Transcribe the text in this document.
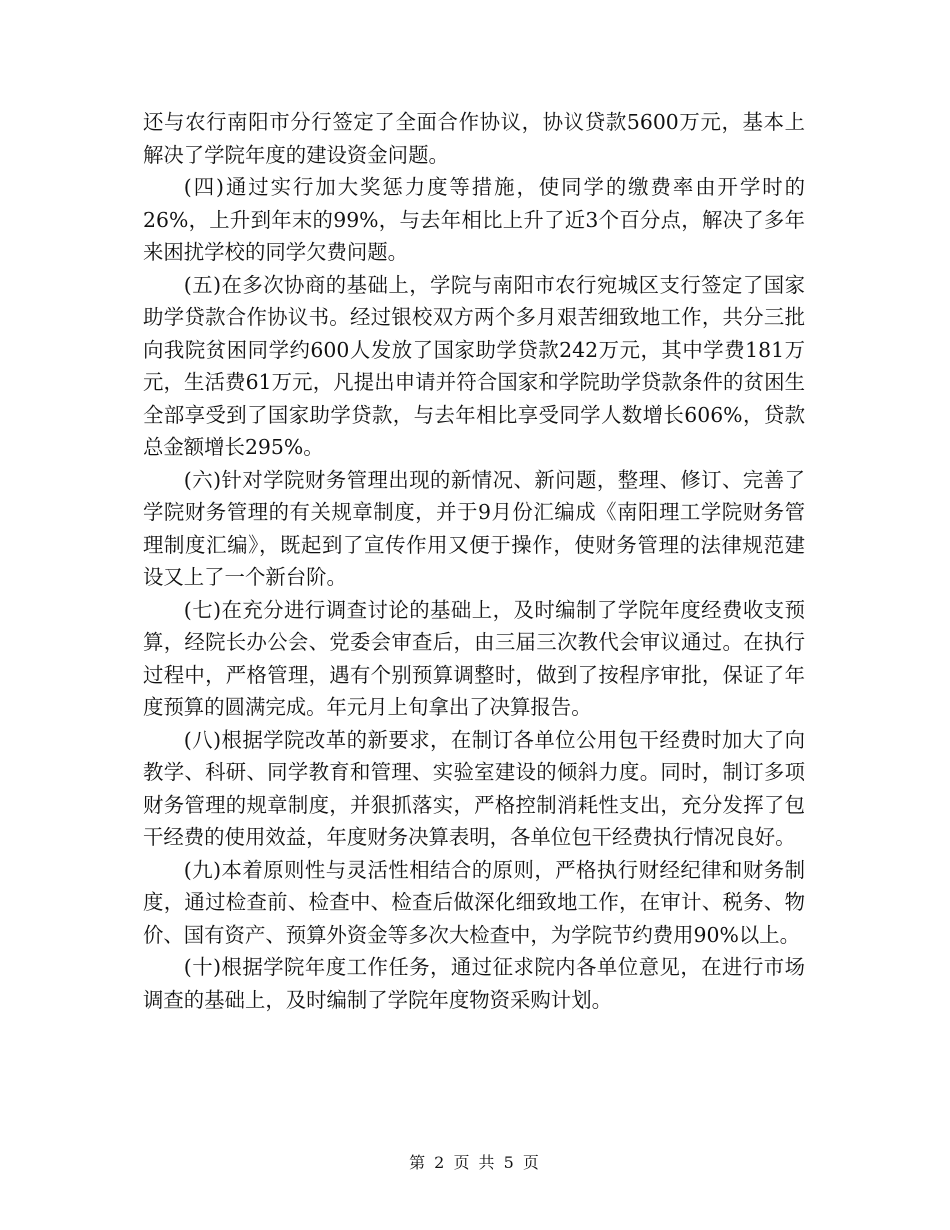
还与农行南阳市分行签定了全面合作协议，协议贷款5600万元，基本上解决了学院年度的建设资金问题。

(四)通过实行加大奖惩力度等措施，使同学的缴费率由开学时的26%，上升到年末的99%，与去年相比上升了近3个百分点，解决了多年来困扰学校的同学欠费问题。

(五)在多次协商的基础上，学院与南阳市农行宛城区支行签定了国家助学贷款合作协议书。经过银校双方两个多月艰苦细致地工作，共分三批向我院贫困同学约600人发放了国家助学贷款242万元，其中学费181万元，生活费61万元，凡提出申请并符合国家和学院助学贷款条件的贫困生全部享受到了国家助学贷款，与去年相比享受同学人数增长606%，贷款总金额增长295%。

(六)针对学院财务管理出现的新情况、新问题，整理、修订、完善了学院财务管理的有关规章制度，并于9月份汇编成《南阳理工学院财务管理制度汇编》，既起到了宣传作用又便于操作，使财务管理的法律规范建设又上了一个新台阶。

(七)在充分进行调查讨论的基础上，及时编制了学院年度经费收支预算，经院长办公会、党委会审查后，由三届三次教代会审议通过。在执行过程中，严格管理，遇有个别预算调整时，做到了按程序审批，保证了年度预算的圆满完成。年元月上旬拿出了决算报告。

(八)根据学院改革的新要求，在制订各单位公用包干经费时加大了向教学、科研、同学教育和管理、实验室建设的倾斜力度。同时，制订多项财务管理的规章制度，并狠抓落实，严格控制消耗性支出，充分发挥了包干经费的使用效益，年度财务决算表明，各单位包干经费执行情况良好。

(九)本着原则性与灵活性相结合的原则，严格执行财经纪律和财务制度，通过检查前、检查中、检查后做深化细致地工作，在审计、税务、物价、国有资产、预算外资金等多次大检查中，为学院节约费用90%以上。

(十)根据学院年度工作任务，通过征求院内各单位意见，在进行市场调查的基础上，及时编制了学院年度物资采购计划。

第 2 页 共 5 页
